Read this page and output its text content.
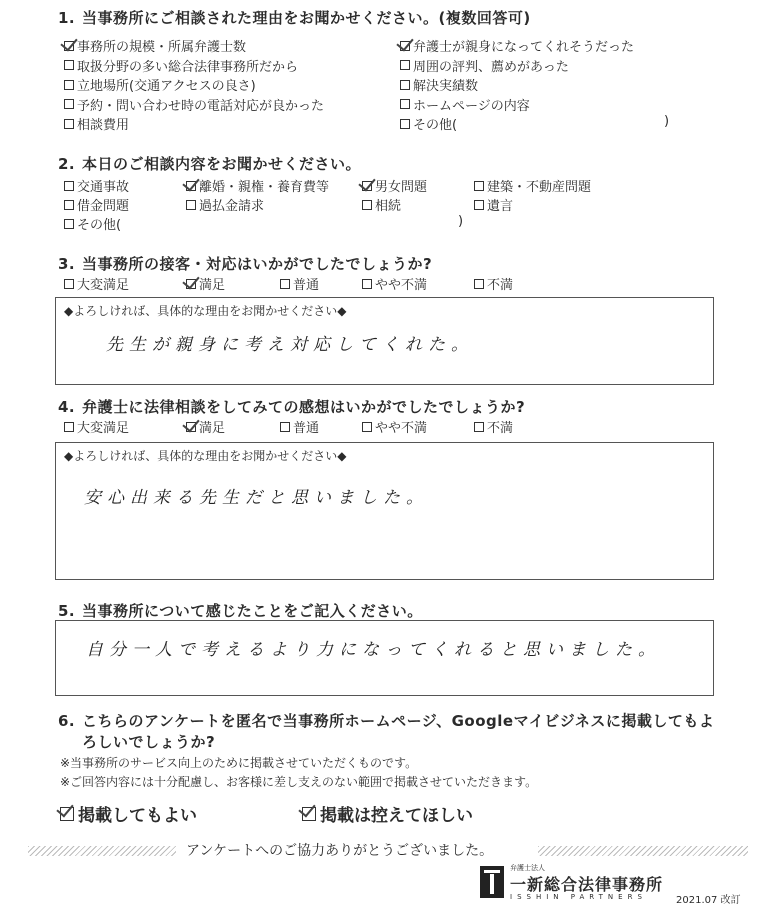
1. 当事務所にご相談された理由をお聞かせください。(複数回答可)
事務所の規模・所属弁護士数
取扱分野の多い総合法律事務所だから
立地場所(交通アクセスの良さ)
予約・問い合わせ時の電話対応が良かった
相談費用
弁護士が親身になってくれそうだった
周囲の評判、薦めがあった
解決実績数
ホームページの内容
その他(	)
2. 本日のご相談内容をお聞かせください。
交通事故	離婚・親権・養育費等	男女問題	建築・不動産問題
借金問題	過払金請求	相続	遺言
その他(	)
3. 当事務所の接客・対応はいかがでしたでしょうか?
大変満足	満足	普通	やや不満	不満
◆よろしければ、具体的な理由をお聞かせください◆
先生が親身に考え対応してくれた。
4. 弁護士に法律相談をしてみての感想はいかがでしたでしょうか?
大変満足	満足	普通	やや不満	不満
◆よろしければ、具体的な理由をお聞かせください◆
安心出来る先生だと思いました。
5. 当事務所について感じたことをご記入ください。
自分一人で考えるより力になってくれると思いました。
6. こちらのアンケートを匿名で当事務所ホームページ、Googleマイビジネスに掲載してもよ
ろしいでしょうか?
※当事務所のサービス向上のために掲載させていただくものです。
※ご回答内容には十分配慮し、お客様に差し支えのない範囲で掲載させていただきます。
掲載してもよい	掲載は控えてほしい
アンケートへのご協力ありがとうございました。
弁護士法人
一新総合法律事務所
ISSHIN PARTNERS	2021.07 改訂
